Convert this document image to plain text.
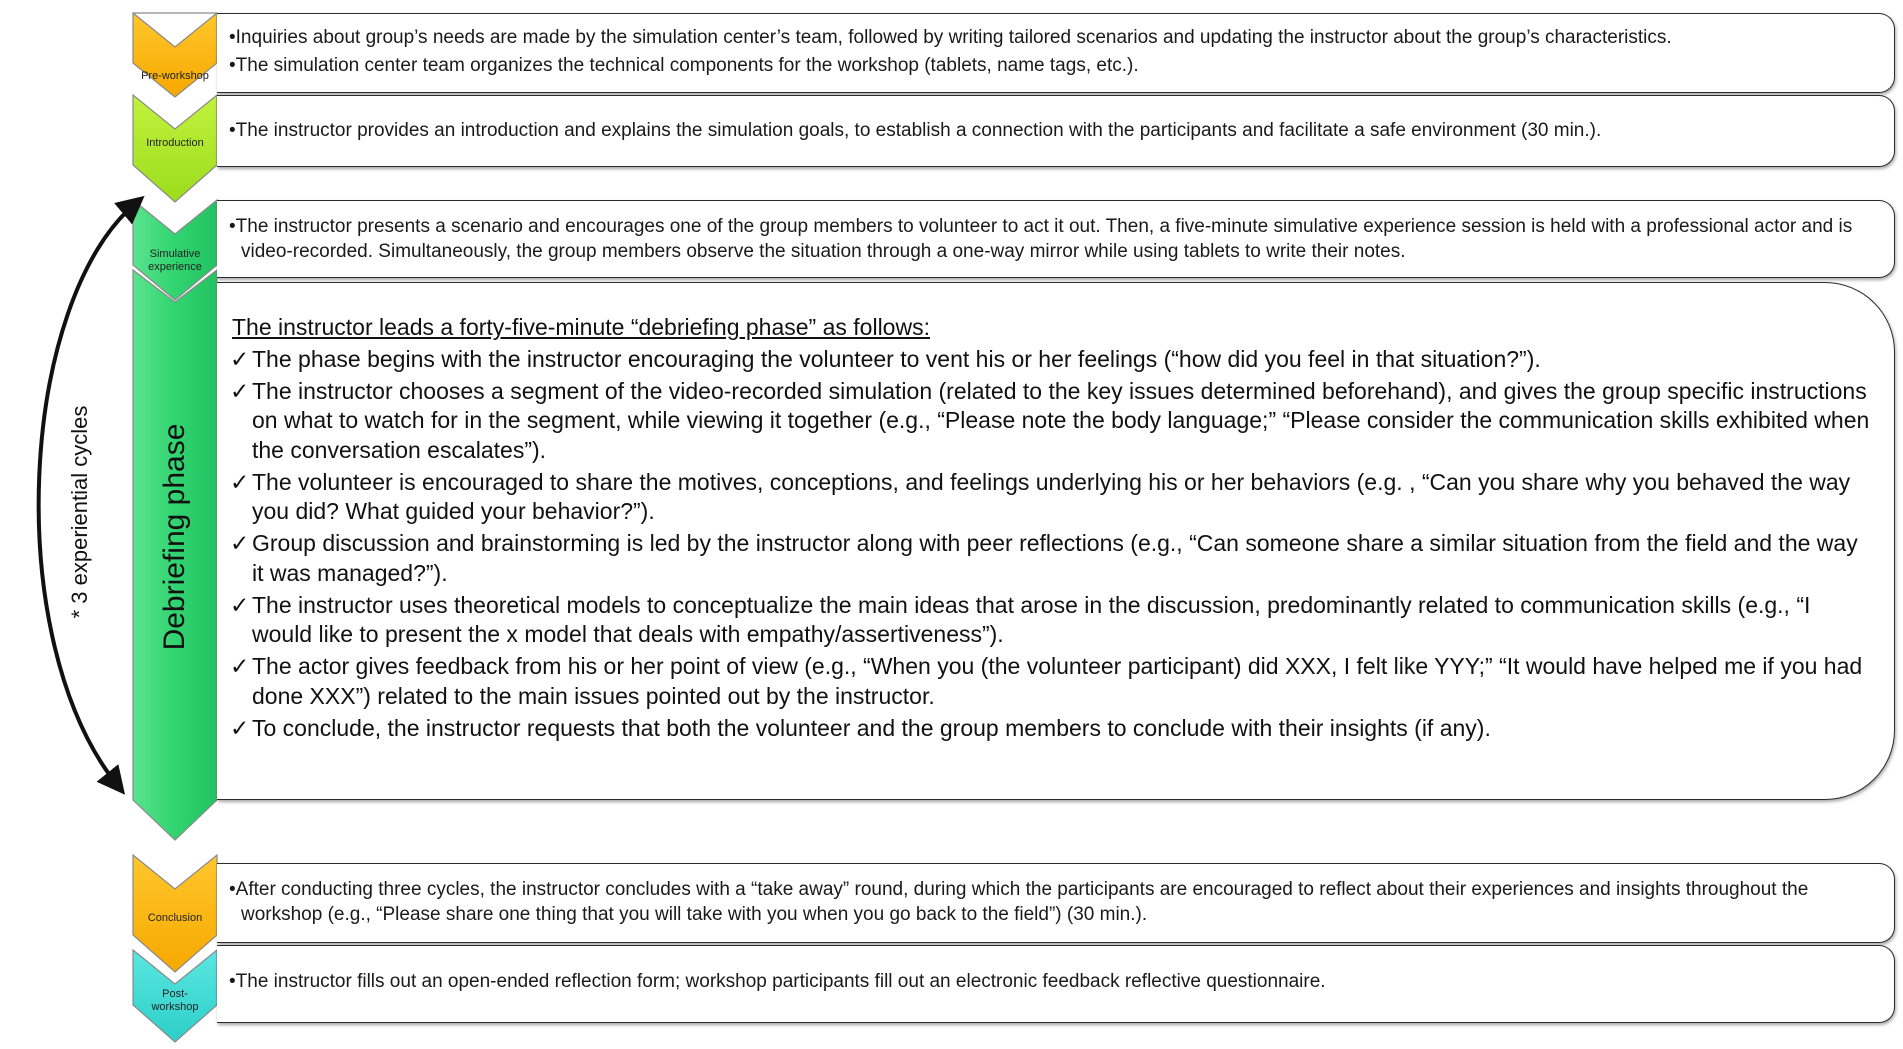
Pre-workshop
Introduction
Simulative
experience
Conclusion
Post-
workshop
Debriefing phase
* 3 experiential cycles

•Inquiries about group’s needs are made by the simulation center’s team, followed by writing tailored scenarios and updating the instructor about the group’s characteristics.

•The simulation center team organizes the technical components for the workshop (tablets, name tags, etc.).

•The instructor provides an introduction and explains the simulation goals, to establish a connection with the participants and facilitate a safe environment (30 min.).

•The instructor presents a scenario and encourages one of the group members to volunteer to act it out. Then, a five-minute simulative experience session is held with a professional actor and is video-recorded. Simultaneously, the group members observe the situation through a one-way mirror while using tablets to write their notes.

The instructor leads a forty-five-minute “debriefing phase” as follows:
✓ The phase begins with the instructor encouraging the volunteer to vent his or her feelings (“how did you feel in that situation?”).
✓ The instructor chooses a segment of the video-recorded simulation (related to the key issues determined beforehand), and gives the group specific instructions on what to watch for in the segment, while viewing it together (e.g., “Please note the body language;” “Please consider the communication skills exhibited when the conversation escalates”).
✓ The volunteer is encouraged to share the motives, conceptions, and feelings underlying his or her behaviors (e.g. , “Can you share why you behaved the way you did? What guided your behavior?”).
✓ Group discussion and brainstorming is led by the instructor along with peer reflections (e.g., “Can someone share a similar situation from the field and the way it was managed?”).
✓ The instructor uses theoretical models to conceptualize the main ideas that arose in the discussion, predominantly related to communication skills (e.g., “I would like to present the x model that deals with empathy/assertiveness”).
✓ The actor gives feedback from his or her point of view (e.g., “When you (the volunteer participant) did XXX, I felt like YYY;” “It would have helped me if you had done XXX”) related to the main issues pointed out by the instructor.
✓ To conclude, the instructor requests that both the volunteer and the group members to conclude with their insights (if any).

•After conducting three cycles, the instructor concludes with a “take away” round, during which the participants are encouraged to reflect about their experiences and insights throughout the workshop (e.g., “Please share one thing that you will take with you when you go back to the field”) (30 min.).

•The instructor fills out an open-ended reflection form; workshop participants fill out an electronic feedback reflective questionnaire.
